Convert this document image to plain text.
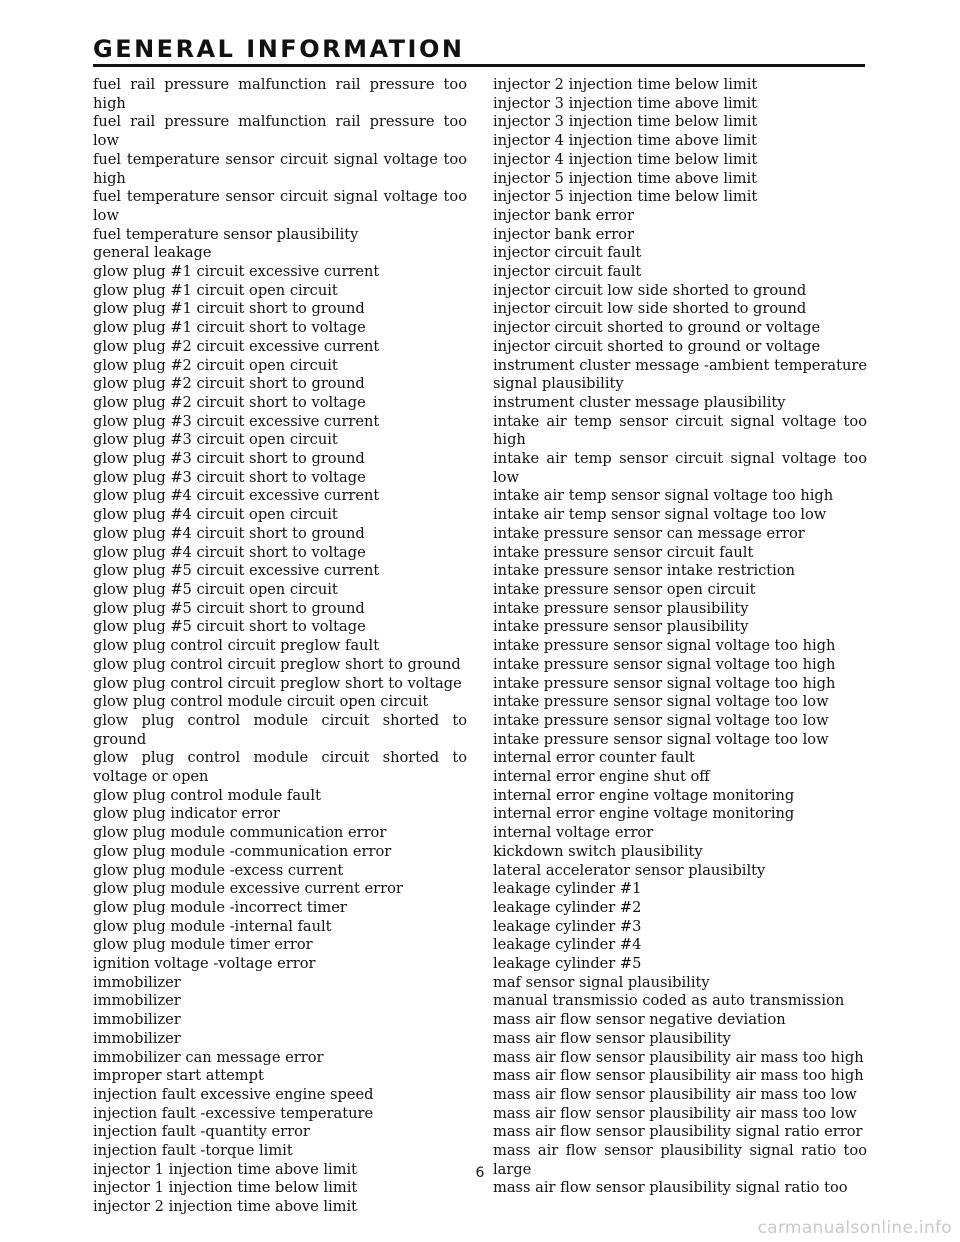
GENERAL INFORMATION
fuel rail pressure malfunction rail pressure too high
fuel rail pressure malfunction rail pressure too low
fuel temperature sensor circuit signal voltage too high
fuel temperature sensor circuit signal voltage too low
fuel temperature sensor plausibility
general leakage
glow plug #1 circuit excessive current
glow plug #1 circuit open circuit
glow plug #1 circuit short to ground
glow plug #1 circuit short to voltage
glow plug #2 circuit excessive current
glow plug #2 circuit open circuit
glow plug #2 circuit short to ground
glow plug #2 circuit short to voltage
glow plug #3 circuit excessive current
glow plug #3 circuit open circuit
glow plug #3 circuit short to ground
glow plug #3 circuit short to voltage
glow plug #4 circuit excessive current
glow plug #4 circuit open circuit
glow plug #4 circuit short to ground
glow plug #4 circuit short to voltage
glow plug #5 circuit excessive current
glow plug #5 circuit open circuit
glow plug #5 circuit short to ground
glow plug #5 circuit short to voltage
glow plug control circuit preglow fault
glow plug control circuit preglow short to ground
glow plug control circuit preglow short to voltage
glow plug control module circuit open circuit
glow plug control module circuit shorted to ground
glow plug control module circuit shorted to voltage or open
glow plug control module fault
glow plug indicator error
glow plug module communication error
glow plug module -communication error
glow plug module -excess current
glow plug module excessive current error
glow plug module -incorrect timer
glow plug module -internal fault
glow plug module timer error
ignition voltage -voltage error
immobilizer
immobilizer
immobilizer
immobilizer
immobilizer can message error
improper start attempt
injection fault excessive engine speed
injection fault -excessive temperature
injection fault -quantity error
injection fault -torque limit
injector 1 injection time above limit
injector 1 injection time below limit
injector 2 injection time above limit
injector 2 injection time below limit
injector 3 injection time above limit
injector 3 injection time below limit
injector 4 injection time above limit
injector 4 injection time below limit
injector 5 injection time above limit
injector 5 injection time below limit
injector bank error
injector bank error
injector circuit fault
injector circuit fault
injector circuit low side shorted to ground
injector circuit low side shorted to ground
injector circuit shorted to ground or voltage
injector circuit shorted to ground or voltage
instrument cluster message -ambient temperature signal plausibility
instrument cluster message plausibility
intake air temp sensor circuit signal voltage too high
intake air temp sensor circuit signal voltage too low
intake air temp sensor signal voltage too high
intake air temp sensor signal voltage too low
intake pressure sensor can message error
intake pressure sensor circuit fault
intake pressure sensor intake restriction
intake pressure sensor open circuit
intake pressure sensor plausibility
intake pressure sensor plausibility
intake pressure sensor signal voltage too high
intake pressure sensor signal voltage too high
intake pressure sensor signal voltage too high
intake pressure sensor signal voltage too low
intake pressure sensor signal voltage too low
intake pressure sensor signal voltage too low
internal error counter fault
internal error engine shut off
internal error engine voltage monitoring
internal error engine voltage monitoring
internal voltage error
kickdown switch plausibility
lateral accelerator sensor plausibilty
leakage cylinder #1
leakage cylinder #2
leakage cylinder #3
leakage cylinder #4
leakage cylinder #5
maf sensor signal plausibility
manual transmissio coded as auto transmission
mass air flow sensor negative deviation
mass air flow sensor plausibility
mass air flow sensor plausibility air mass too high
mass air flow sensor plausibility air mass too high
mass air flow sensor plausibility air mass too low
mass air flow sensor plausibility air mass too low
mass air flow sensor plausibility signal ratio error
mass air flow sensor plausibility signal ratio too large
mass air flow sensor plausibility signal ratio too
6
carmanualsonline.info
